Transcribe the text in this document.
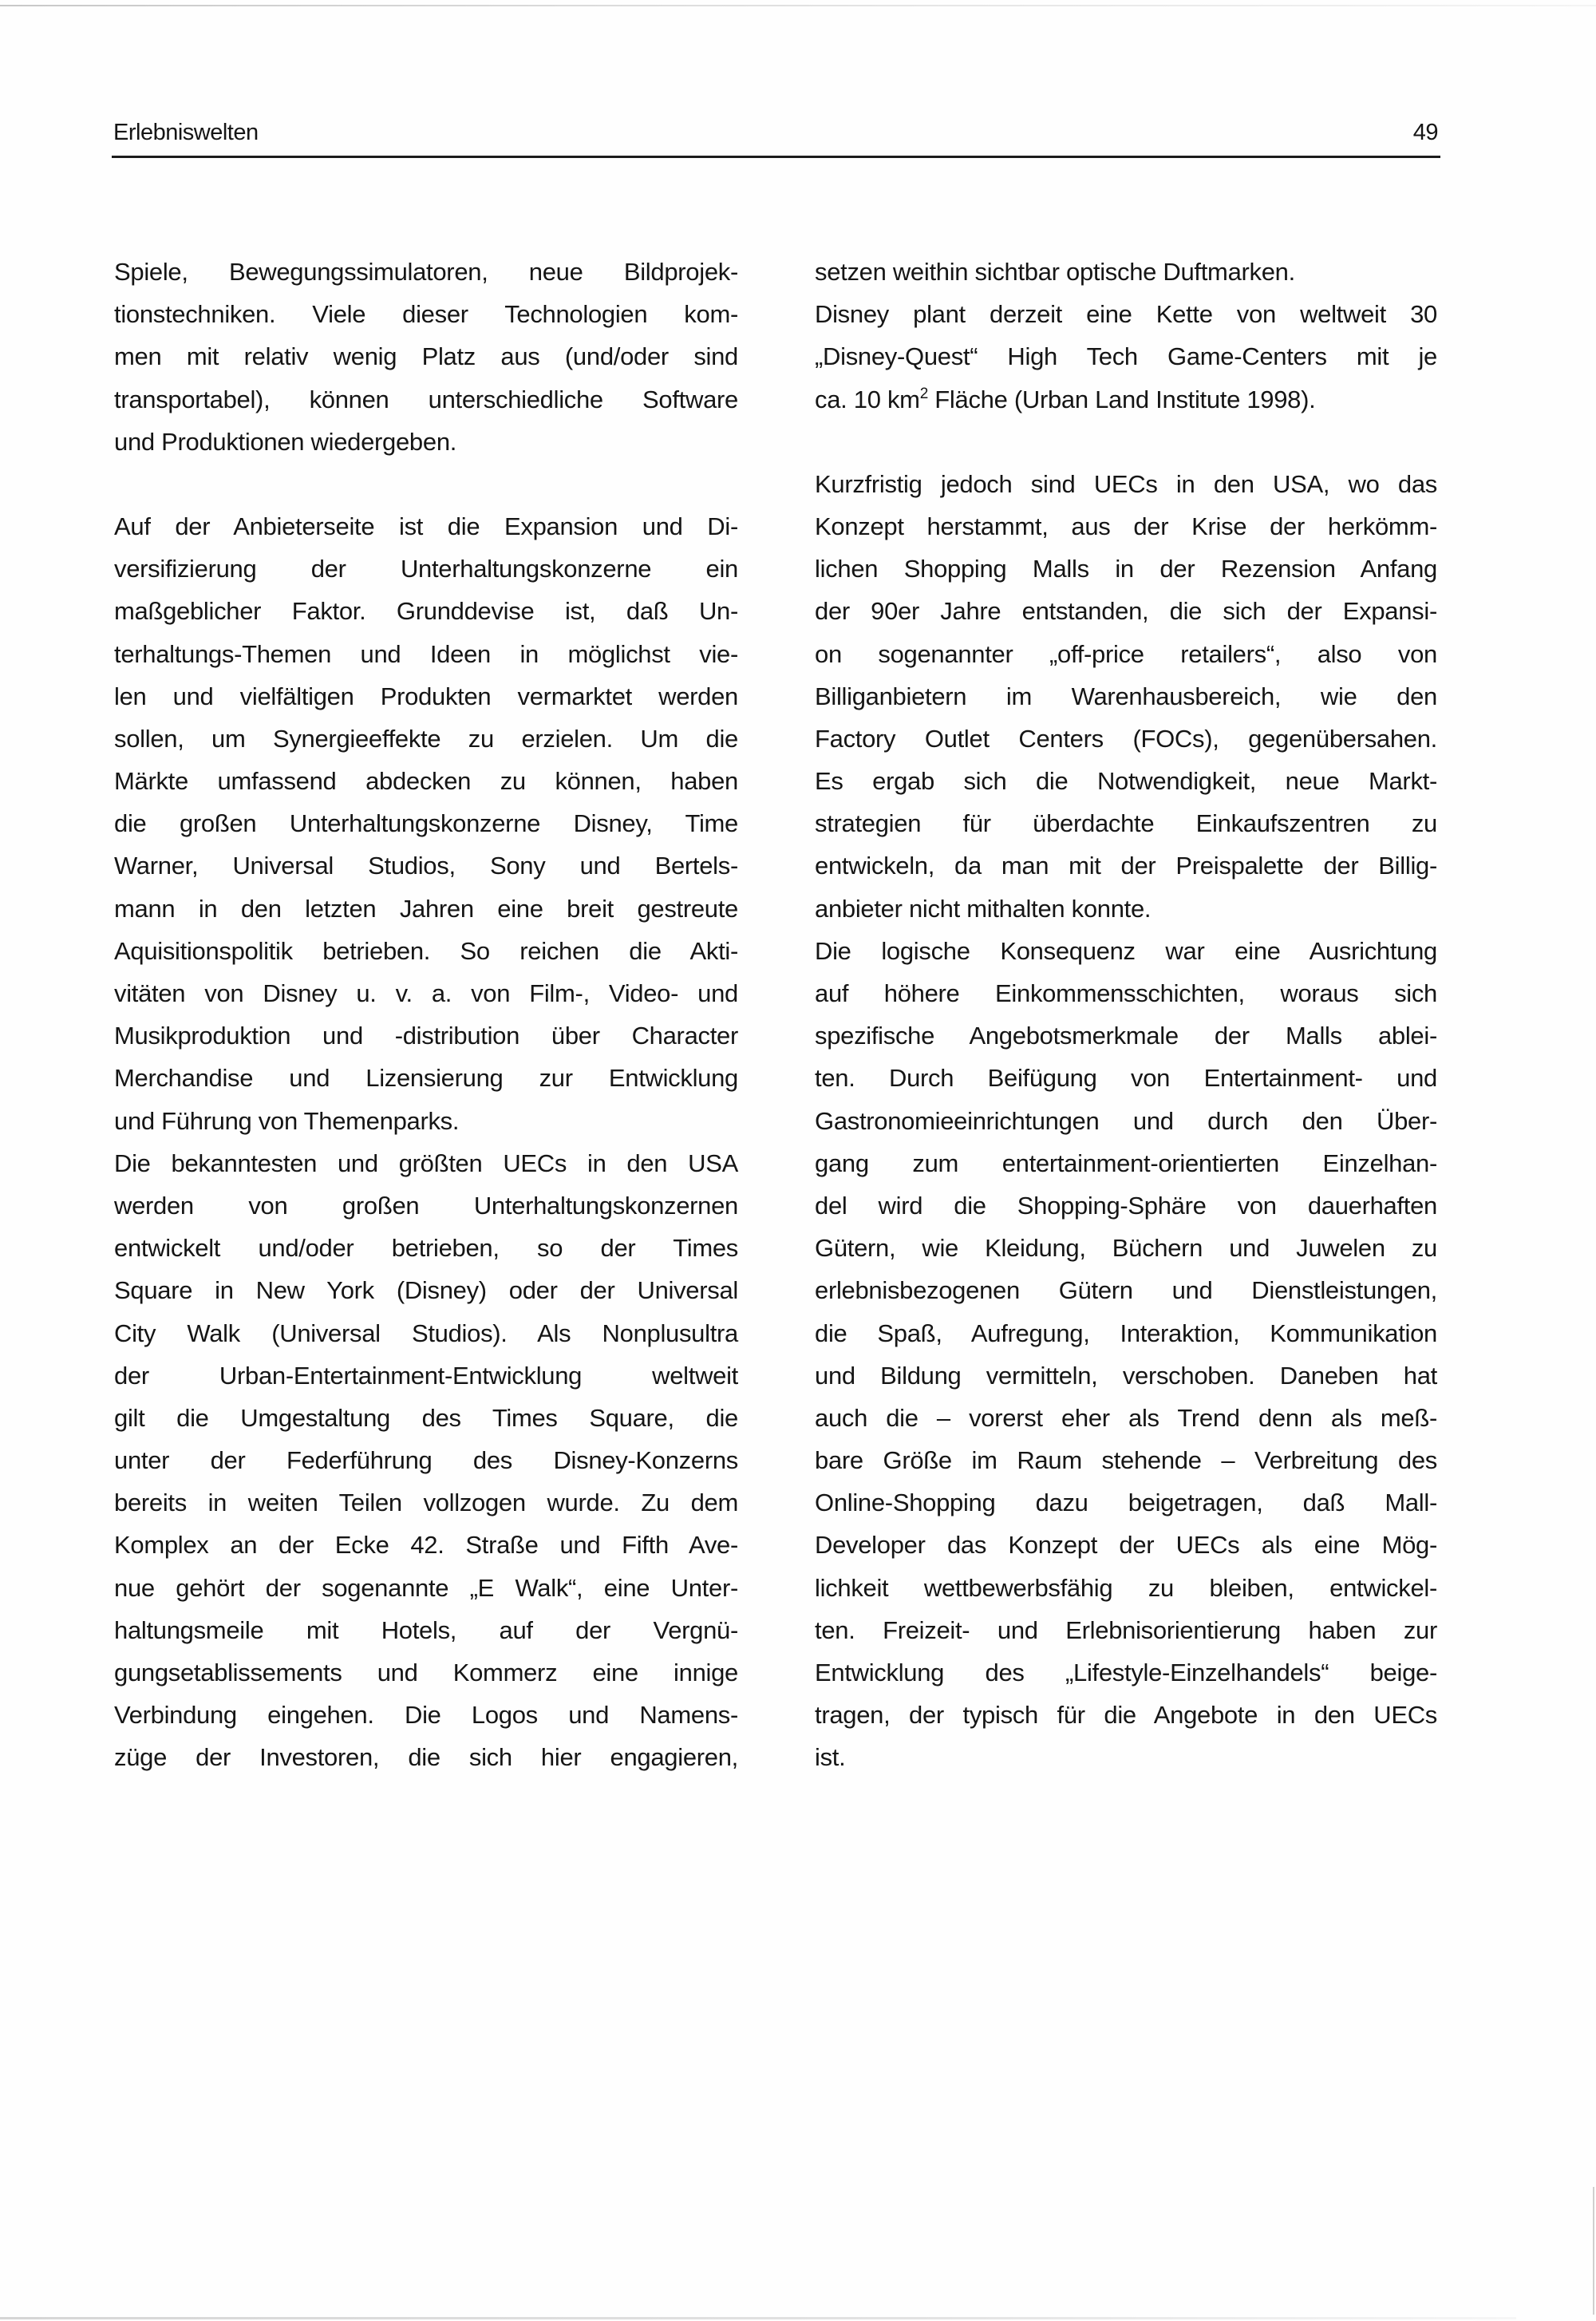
Erlebniswelten	49

Spiele, Bewegungssimulatoren, neue Bildprojek-
tionstechniken. Viele dieser Technologien kom-
men mit relativ wenig Platz aus (und/oder sind
transportabel), können unterschiedliche Software
und Produktionen wiedergeben.

Auf der Anbieterseite ist die Expansion und Di-
versifizierung der Unterhaltungskonzerne ein
maßgeblicher Faktor. Grunddevise ist, daß Un-
terhaltungs-Themen und Ideen in möglichst vie-
len und vielfältigen Produkten vermarktet werden
sollen, um Synergieeffekte zu erzielen. Um die
Märkte umfassend abdecken zu können, haben
die großen Unterhaltungskonzerne Disney, Time
Warner, Universal Studios, Sony und Bertels-
mann in den letzten Jahren eine breit gestreute
Aquisitionspolitik betrieben. So reichen die Akti-
vitäten von Disney u. v. a. von Film-, Video- und
Musikproduktion und -distribution über Character
Merchandise und Lizensierung zur Entwicklung
und Führung von Themenparks.

Die bekanntesten und größten UECs in den USA
werden von großen Unterhaltungskonzernen
entwickelt und/oder betrieben, so der Times
Square in New York (Disney) oder der Universal
City Walk (Universal Studios). Als Nonplusultra
der Urban-Entertainment-Entwicklung weltweit
gilt die Umgestaltung des Times Square, die
unter der Federführung des Disney-Konzerns
bereits in weiten Teilen vollzogen wurde. Zu dem
Komplex an der Ecke 42. Straße und Fifth Ave-
nue gehört der sogenannte „E Walk“, eine Unter-
haltungsmeile mit Hotels, auf der Vergnü-
gungsetablissements und Kommerz eine innige
Verbindung eingehen. Die Logos und Namens-
züge der Investoren, die sich hier engagieren,

setzen weithin sichtbar optische Duftmarken.

Disney plant derzeit eine Kette von weltweit 30
„Disney-Quest“ High Tech Game-Centers mit je
ca. 10 $km^2$ Fläche (Urban Land Institute 1998).

Kurzfristig jedoch sind UECs in den USA, wo das
Konzept herstammt, aus der Krise der herkömm-
lichen Shopping Malls in der Rezension Anfang
der 90er Jahre entstanden, die sich der Expansi-
on sogenannter „off-price retailers“, also von
Billiganbietern im Warenhausbereich, wie den
Factory Outlet Centers (FOCs), gegenübersahen.
Es ergab sich die Notwendigkeit, neue Markt-
strategien für überdachte Einkaufszentren zu
entwickeln, da man mit der Preispalette der Billig-
anbieter nicht mithalten konnte.

Die logische Konsequenz war eine Ausrichtung
auf höhere Einkommensschichten, woraus sich
spezifische Angebotsmerkmale der Malls ablei-
ten. Durch Beifügung von Entertainment- und
Gastronomieeinrichtungen und durch den Über-
gang zum entertainment-orientierten Einzelhan-
del wird die Shopping-Sphäre von dauerhaften
Gütern, wie Kleidung, Büchern und Juwelen zu
erlebnisbezogenen Gütern und Dienstleistungen,
die Spaß, Aufregung, Interaktion, Kommunikation
und Bildung vermitteln, verschoben. Daneben hat
auch die – vorerst eher als Trend denn als meß-
bare Größe im Raum stehende – Verbreitung des
Online-Shopping dazu beigetragen, daß Mall-
Developer das Konzept der UECs als eine Mög-
lichkeit wettbewerbsfähig zu bleiben, entwickel-
ten. Freizeit- und Erlebnisorientierung haben zur
Entwicklung des „Lifestyle-Einzelhandels“ beige-
tragen, der typisch für die Angebote in den UECs
ist.
